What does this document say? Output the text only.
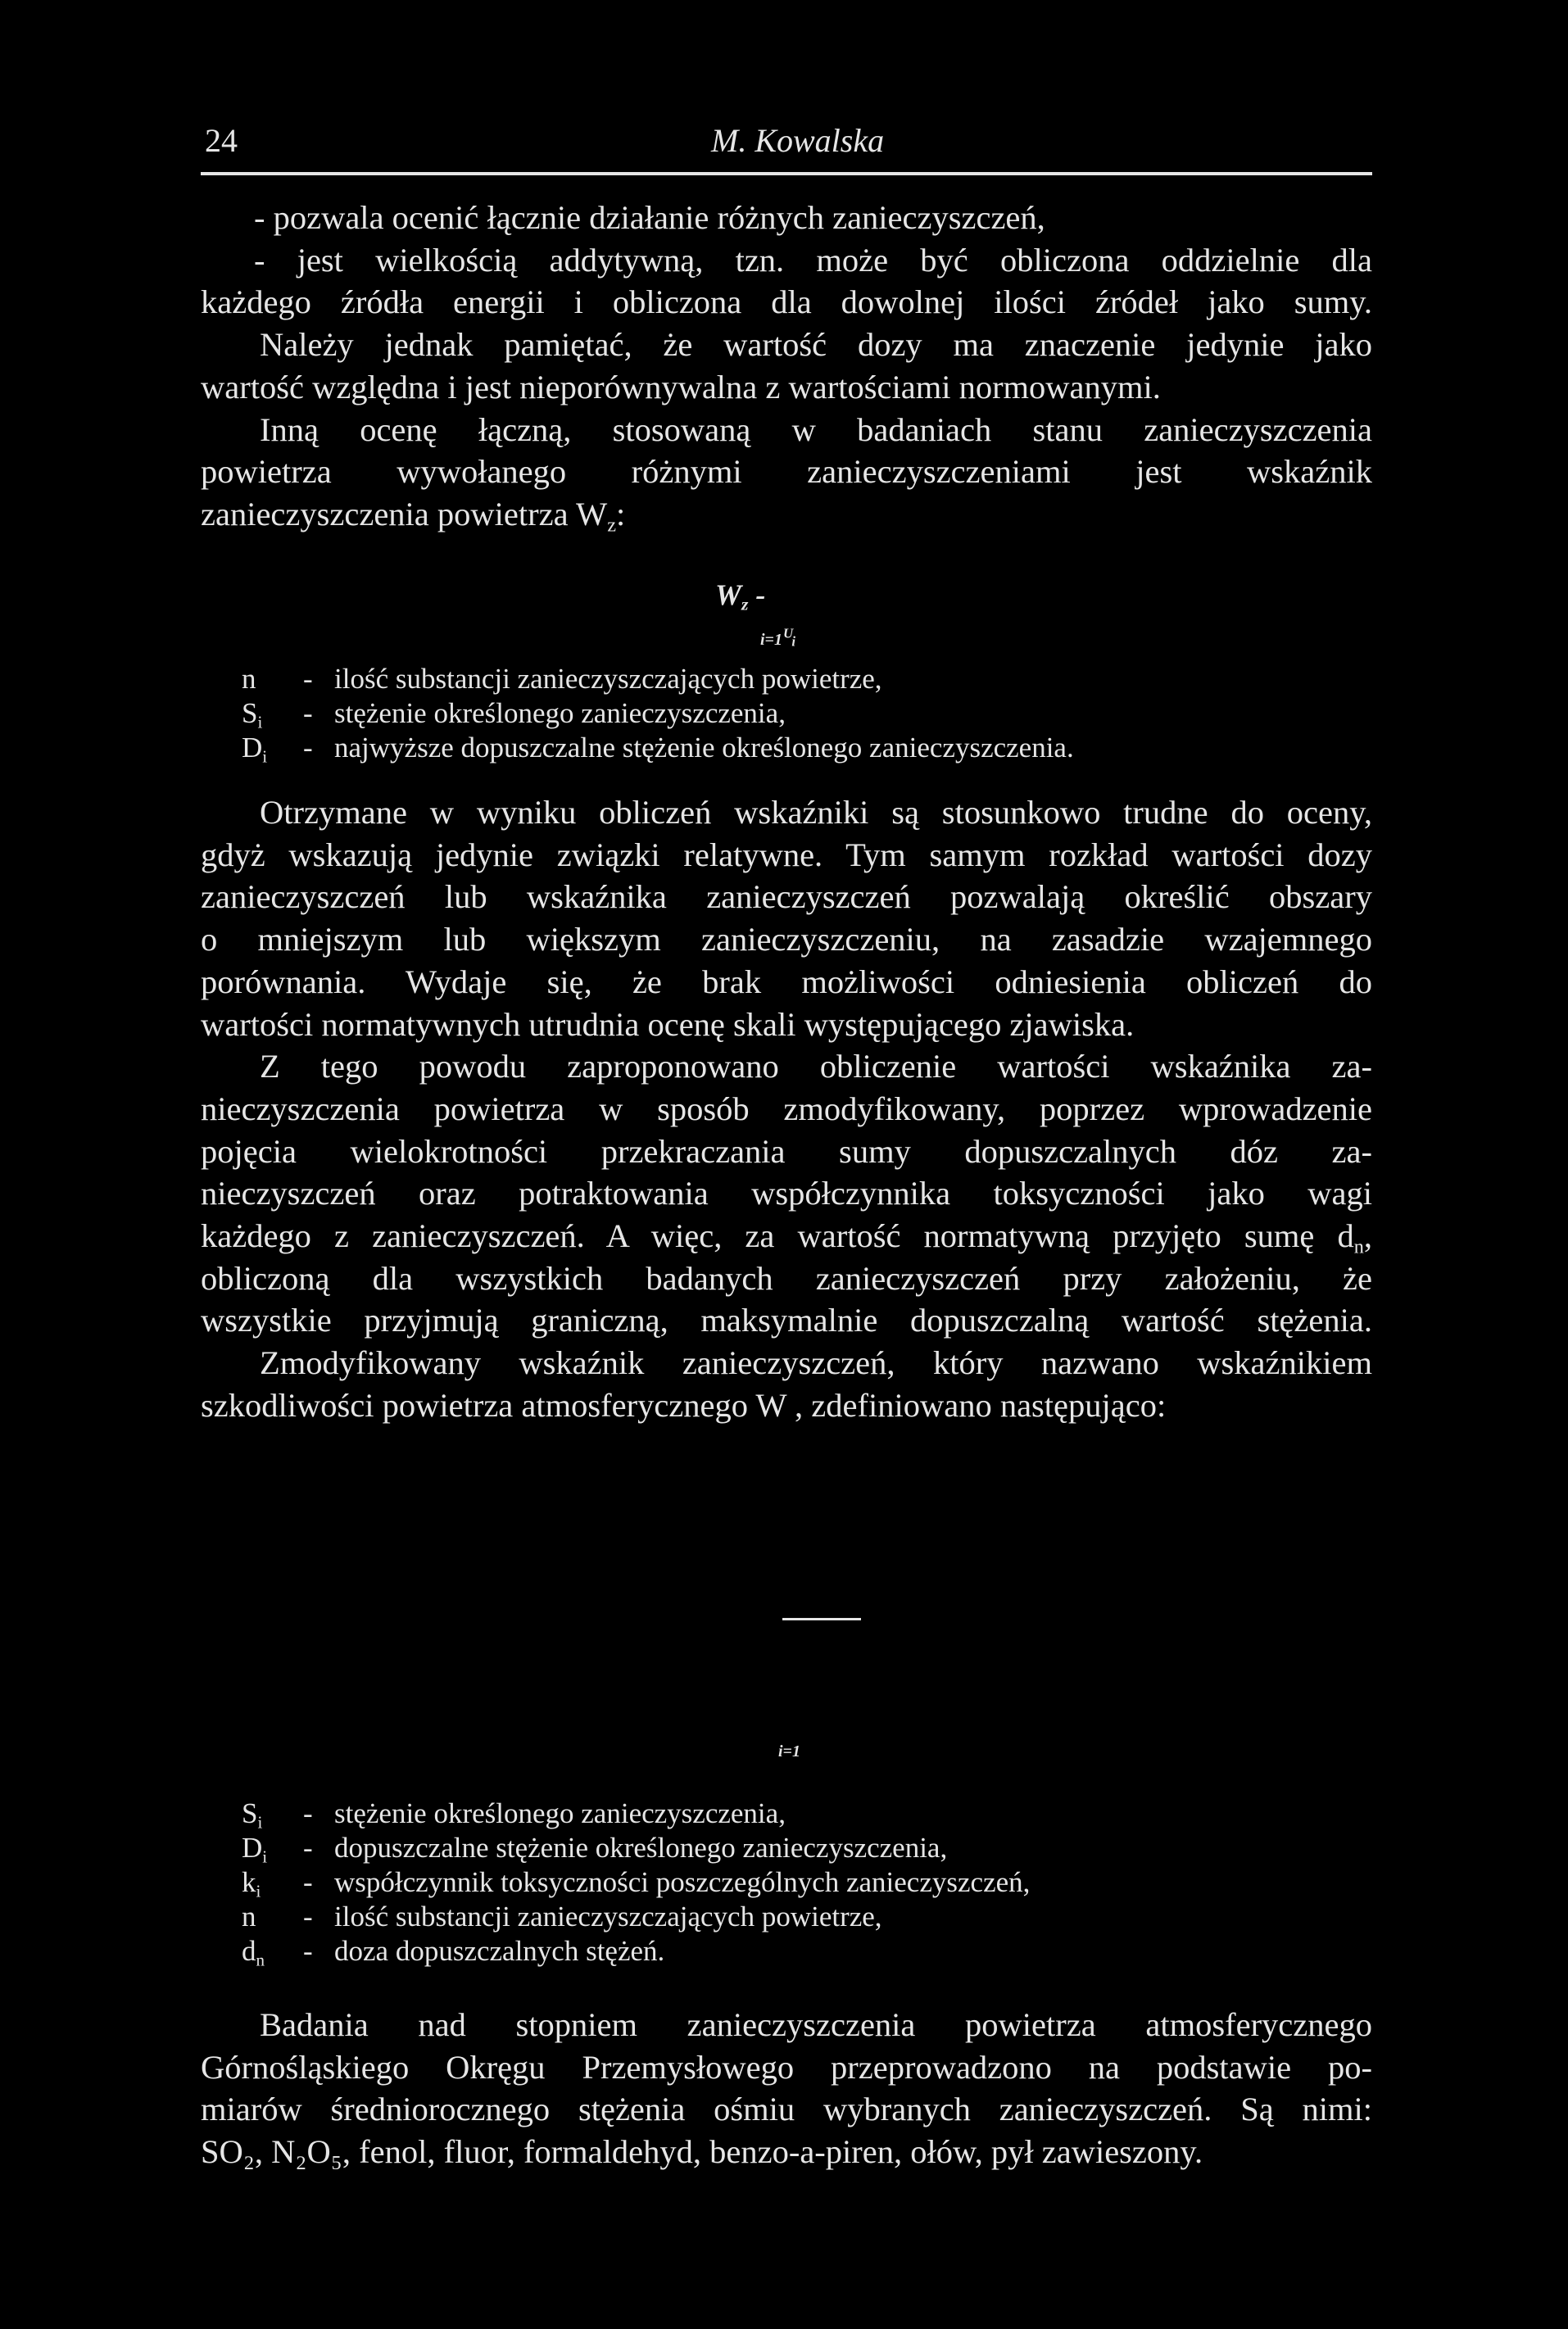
24	M. Kowalska

- pozwala ocenić łącznie działanie różnych zanieczyszczeń,

- jest wielkością addytywną, tzn. może być obliczona oddzielnie dla

każdego źródła energii i obliczona dla dowolnej ilości źródeł jako sumy.

Należy jednak pamiętać, że wartość dozy ma znaczenie jedynie jako

wartość względna i jest nieporównywalna z wartościami normowanymi.

Inną ocenę łączną, stosowaną w badaniach stanu zanieczyszczenia

powietrza wywołanego różnymi zanieczyszczeniami jest wskaźnik

zanieczyszczenia powietrza $W_z$:

$W_z$ -
i=1 ᵁᵢ
n	- ilość substancji zanieczyszczających powietrze,
$S_i$	- stężenie określonego zanieczyszczenia,
$D_i$	- najwyższe dopuszczalne stężenie określonego zanieczyszczenia.

Otrzymane w wyniku obliczeń wskaźniki są stosunkowo trudne do oceny,

gdyż wskazują jedynie związki relatywne. Tym samym rozkład wartości dozy

zanieczyszczeń lub wskaźnika zanieczyszczeń pozwalają określić obszary

o mniejszym lub większym zanieczyszczeniu, na zasadzie wzajemnego

porównania. Wydaje się, że brak możliwości odniesienia obliczeń do

wartości normatywnych utrudnia ocenę skali występującego zjawiska.

Z tego powodu zaproponowano obliczenie wartości wskaźnika za-

nieczyszczenia powietrza w sposób zmodyfikowany, poprzez wprowadzenie

pojęcia wielokrotności przekraczania sumy dopuszczalnych dóz za-

nieczyszczeń oraz potraktowania współczynnika toksyczności jako wagi

każdego z zanieczyszczeń. A więc, za wartość normatywną przyjęto sumę $d_n$,

obliczoną dla wszystkich badanych zanieczyszczeń przy założeniu, że

wszystkie przyjmują graniczną, maksymalnie dopuszczalną wartość stężenia.

Zmodyfikowany wskaźnik zanieczyszczeń, który nazwano wskaźnikiem

szkodliwości powietrza atmosferycznego W , zdefiniowano następująco:

i=1
$S_i$	- stężenie określonego zanieczyszczenia,
$D_i$	- dopuszczalne stężenie określonego zanieczyszczenia,
$k_i$	- współczynnik toksyczności poszczególnych zanieczyszczeń,
n	- ilość substancji zanieczyszczających powietrze,
$d_n$	- doza dopuszczalnych stężeń.

Badania nad stopniem zanieczyszczenia powietrza atmosferycznego

Górnośląskiego Okręgu Przemysłowego przeprowadzono na podstawie po-

miarów średniorocznego stężenia ośmiu wybranych zanieczyszczeń. Są nimi:

SO₂, N₂O₅, fenol, fluor, formaldehyd, benzo-a-piren, ołów, pył zawieszony.
